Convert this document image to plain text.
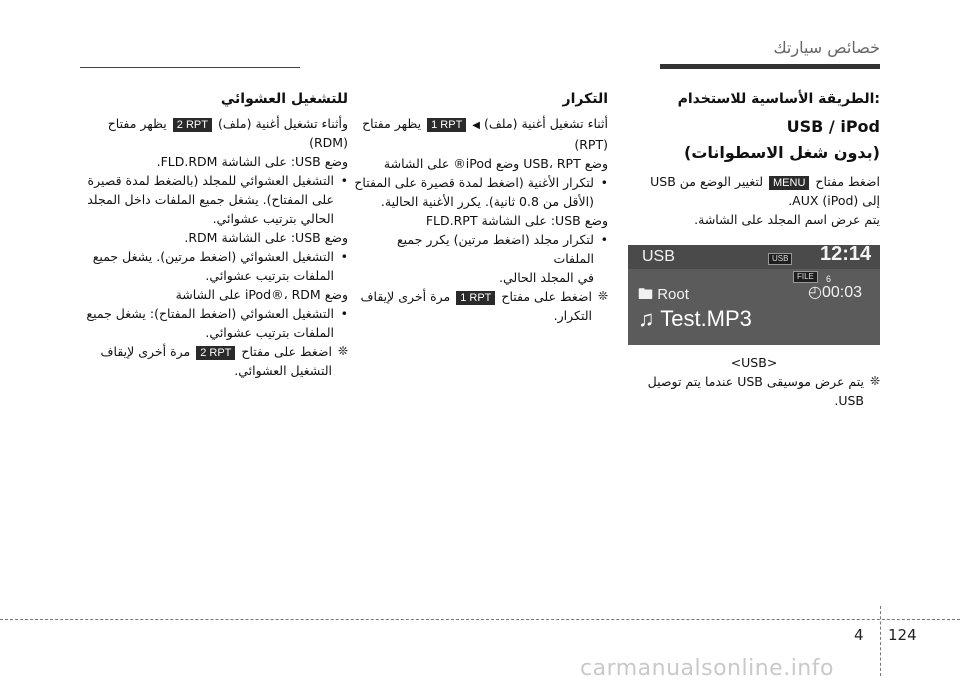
خصائص سيارتك
:الطريقة الأساسية للاستخدام
USB / iPod
(بدون شغل الاسطوانات)

اضغط مفتاح MENU لتغيير الوضع من USB

إلى AUX (iPod).

يتم عرض اسم المجلد على الشاشة.

USB	USB 12:14
FILE	6
🖿 Root	◴00:03
♫ Test.MP3

<USB>

❊
يتم عرض موسيقى USB عندما يتم توصيل USB.

التكرار

أثناء تشغيل أغنية (ملف) ◀ 1 RPT يظهر مفتاح

(RPT)

وضع USB، RPT وضع iPod® على الشاشة

• لتكرار الأغنية (اضغط لمدة قصيرة على المفتاح

(الأقل من 0.8 ثانية). يكرر الأغنية الحالية.

وضع USB: على الشاشة FLD.RPT

• لتكرار مجلد (اضغط مرتين) يكرر جميع الملفات

في المجلد الحالي.

❊
اضغط على مفتاح 1 RPT مرة أخرى لإيقاف

التكرار.

للتشغيل العشوائي

وأثناء تشغيل أغنية (ملف) 2 RPT يظهر مفتاح

(RDM)

وضع USB: على الشاشة FLD.RDM.

• التشغيل العشوائي للمجلد (بالضغط لمدة قصيرة

على المفتاح). يشغل جميع الملفات داخل المجلد

الحالي بترتيب عشوائي.

وضع USB: على الشاشة RDM.

• التشغيل العشوائي (اضغط مرتين). يشغل جميع

الملفات بترتيب عشوائي.

وضع iPod®، RDM على الشاشة

• التشغيل العشوائي (اضغط المفتاح): يشغل جميع

الملفات بترتيب عشوائي.

❊
اضغط على مفتاح 2 RPT مرة أخرى لإيقاف

التشغيل العشوائي.

4 124
carmanualsonline.info
